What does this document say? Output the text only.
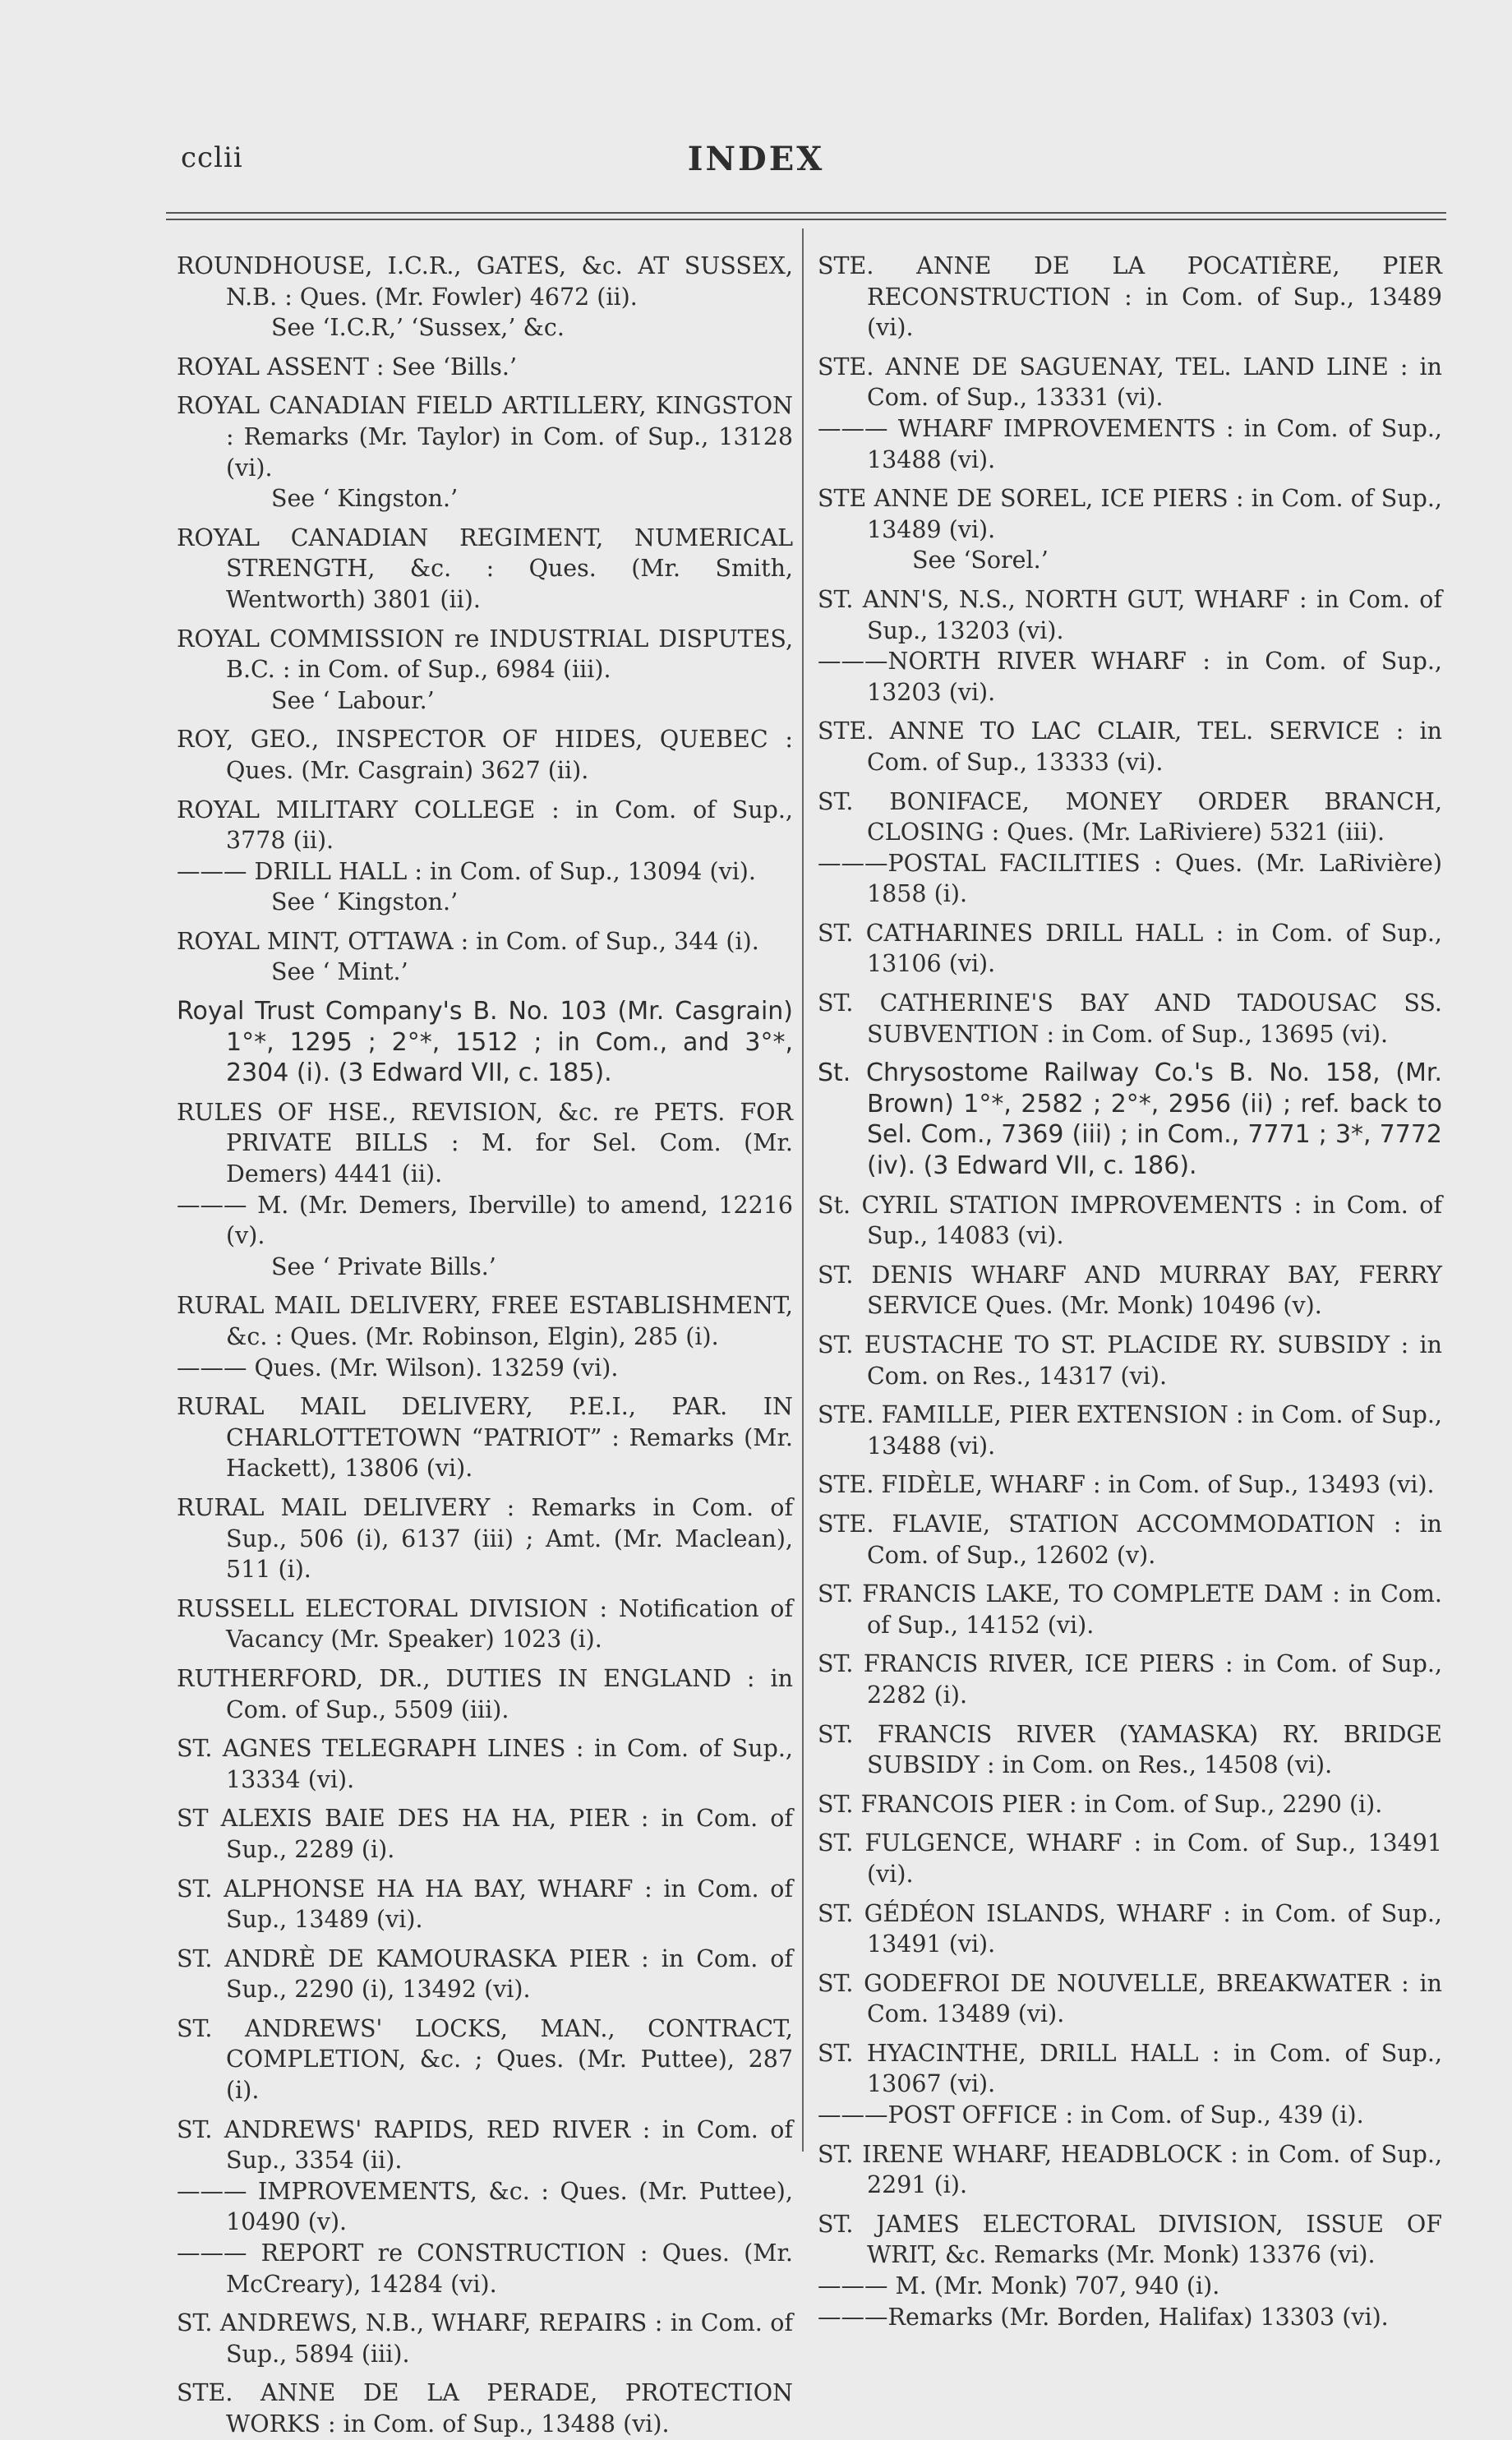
cclii	INDEX
ROUNDHOUSE, I.C.R., GATES, &c. AT SUSSEX, N.B. : Ques. (Mr. Fowler) 4672 (ii).
See ‘I.C.R,’ ‘Sussex,’ &c.
ROYAL ASSENT : See ‘Bills.’
ROYAL CANADIAN FIELD ARTILLERY, KINGSTON : Remarks (Mr. Taylor) in Com. of Sup., 13128 (vi).
See ‘ Kingston.’
ROYAL CANADIAN REGIMENT, NUMERICAL STRENGTH, &c. : Ques. (Mr. Smith, Wentworth) 3801 (ii).
ROYAL COMMISSION re INDUSTRIAL DISPUTES, B.C. : in Com. of Sup., 6984 (iii).
See ‘ Labour.’
ROY, GEO., INSPECTOR OF HIDES, QUEBEC : Ques. (Mr. Casgrain) 3627 (ii).
ROYAL MILITARY COLLEGE : in Com. of Sup., 3778 (ii).
——— DRILL HALL : in Com. of Sup., 13094 (vi).
See ‘ Kingston.’
ROYAL MINT, OTTAWA : in Com. of Sup., 344 (i).
See ‘ Mint.’
Royal Trust Company's B. No. 103 (Mr. Casgrain) 1°*, 1295 ; 2°*, 1512 ; in Com., and 3°*, 2304 (i). (3 Edward VII, c. 185).
RULES OF HSE., REVISION, &c. re PETS. FOR PRIVATE BILLS : M. for Sel. Com. (Mr. Demers) 4441 (ii).
——— M. (Mr. Demers, Iberville) to amend, 12216 (v).
See ‘ Private Bills.’
RURAL MAIL DELIVERY, FREE ESTABLISHMENT, &c. : Ques. (Mr. Robinson, Elgin), 285 (i).
——— Ques. (Mr. Wilson). 13259 (vi).
RURAL MAIL DELIVERY, P.E.I., PAR. IN CHARLOTTETOWN “PATRIOT” : Remarks (Mr. Hackett), 13806 (vi).
RURAL MAIL DELIVERY : Remarks in Com. of Sup., 506 (i), 6137 (iii) ; Amt. (Mr. Maclean), 511 (i).
RUSSELL ELECTORAL DIVISION : Notification of Vacancy (Mr. Speaker) 1023 (i).
RUTHERFORD, DR., DUTIES IN ENGLAND : in Com. of Sup., 5509 (iii).
ST. AGNES TELEGRAPH LINES : in Com. of Sup., 13334 (vi).
ST ALEXIS BAIE DES HA HA, PIER : in Com. of Sup., 2289 (i).
ST. ALPHONSE HA HA BAY, WHARF : in Com. of Sup., 13489 (vi).
ST. ANDRÈ DE KAMOURASKA PIER : in Com. of Sup., 2290 (i), 13492 (vi).
ST. ANDREWS' LOCKS, MAN., CONTRACT, COMPLETION, &c. ; Ques. (Mr. Puttee), 287 (i).
ST. ANDREWS' RAPIDS, RED RIVER : in Com. of Sup., 3354 (ii).
——— IMPROVEMENTS, &c. : Ques. (Mr. Puttee), 10490 (v).
——— REPORT re CONSTRUCTION : Ques. (Mr. McCreary), 14284 (vi).
ST. ANDREWS, N.B., WHARF, REPAIRS : in Com. of Sup., 5894 (iii).
STE. ANNE DE LA PERADE, PROTECTION WORKS : in Com. of Sup., 13488 (vi).
STE. ANNE DE LA POCATIÈRE, PIER RECONSTRUCTION : in Com. of Sup., 13489 (vi).
STE. ANNE DE SAGUENAY, TEL. LAND LINE : in Com. of Sup., 13331 (vi).
——— WHARF IMPROVEMENTS : in Com. of Sup., 13488 (vi).
STE ANNE DE SOREL, ICE PIERS : in Com. of Sup., 13489 (vi).
See ‘Sorel.’
ST. ANN'S, N.S., NORTH GUT, WHARF : in Com. of Sup., 13203 (vi).
———NORTH RIVER WHARF : in Com. of Sup., 13203 (vi).
STE. ANNE TO LAC CLAIR, TEL. SERVICE : in Com. of Sup., 13333 (vi).
ST. BONIFACE, MONEY ORDER BRANCH, CLOSING : Ques. (Mr. LaRiviere) 5321 (iii).
———POSTAL FACILITIES : Ques. (Mr. LaRivière) 1858 (i).
ST. CATHARINES DRILL HALL : in Com. of Sup., 13106 (vi).
ST. CATHERINE'S BAY AND TADOUSAC SS. SUBVENTION : in Com. of Sup., 13695 (vi).
St. Chrysostome Railway Co.'s B. No. 158, (Mr. Brown) 1°*, 2582 ; 2°*, 2956 (ii) ; ref. back to Sel. Com., 7369 (iii) ; in Com., 7771 ; 3*, 7772 (iv). (3 Edward VII, c. 186).
St. CYRIL STATION IMPROVEMENTS : in Com. of Sup., 14083 (vi).
ST. DENIS WHARF AND MURRAY BAY, FERRY SERVICE Ques. (Mr. Monk) 10496 (v).
ST. EUSTACHE TO ST. PLACIDE RY. SUBSIDY : in Com. on Res., 14317 (vi).
STE. FAMILLE, PIER EXTENSION : in Com. of Sup., 13488 (vi).
STE. FIDÈLE, WHARF : in Com. of Sup., 13493 (vi).
STE. FLAVIE, STATION ACCOMMODATION : in Com. of Sup., 12602 (v).
ST. FRANCIS LAKE, TO COMPLETE DAM : in Com. of Sup., 14152 (vi).
ST. FRANCIS RIVER, ICE PIERS : in Com. of Sup., 2282 (i).
ST. FRANCIS RIVER (YAMASKA) RY. BRIDGE SUBSIDY : in Com. on Res., 14508 (vi).
ST. FRANCOIS PIER : in Com. of Sup., 2290 (i).
ST. FULGENCE, WHARF : in Com. of Sup., 13491 (vi).
ST. GÉDÉON ISLANDS, WHARF : in Com. of Sup., 13491 (vi).
ST. GODEFROI DE NOUVELLE, BREAKWATER : in Com. 13489 (vi).
ST. HYACINTHE, DRILL HALL : in Com. of Sup., 13067 (vi).
———POST OFFICE : in Com. of Sup., 439 (i).
ST. IRENE WHARF, HEADBLOCK : in Com. of Sup., 2291 (i).
ST. JAMES ELECTORAL DIVISION, ISSUE OF WRIT, &c. Remarks (Mr. Monk) 13376 (vi).
——— M. (Mr. Monk) 707, 940 (i).
———Remarks (Mr. Borden, Halifax) 13303 (vi).
